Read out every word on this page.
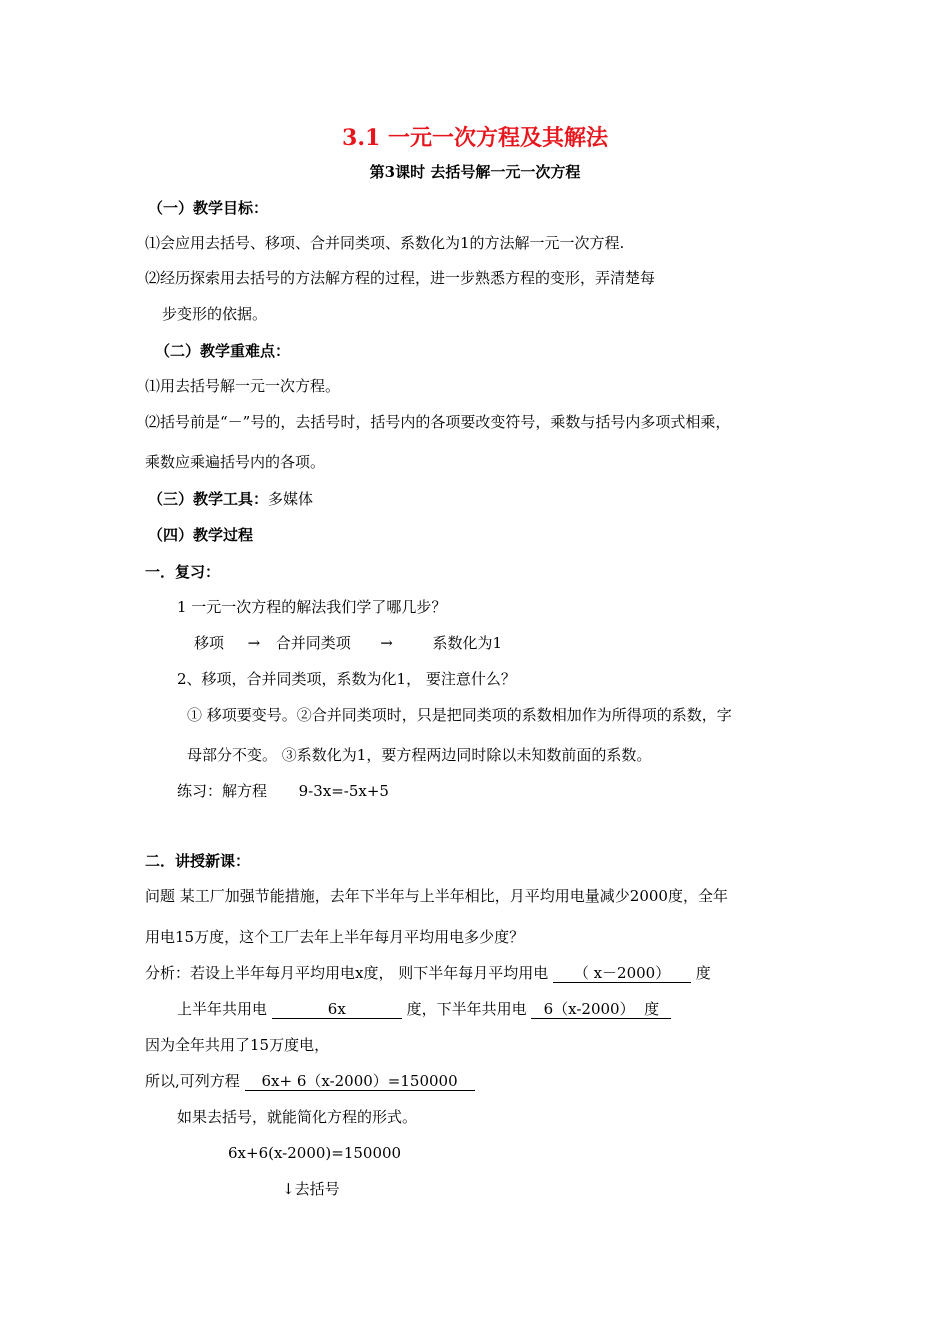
3.1 一元一次方程及其解法
第3课时 去括号解一元一次方程
（一）教学目标：
⑴会应用去括号、移项、合并同类项、系数化为1的方法解一元一次方程.
⑵经历探索用去括号的方法解方程的过程，进一步熟悉方程的变形，弄清楚每
步变形的依据。
（二）教学重难点：
⑴用去括号解一元一次方程。
⑵括号前是“－”号的，去括号时，括号内的各项要改变符号，乘数与括号内多项式相乘，
乘数应乘遍括号内的各项。
（三）教学工具：多媒体
（四）教学过程
一．复习：
1 一元一次方程的解法我们学了哪几步？
移项 → 合并同类项 →	系数化为1
2、移项，合并同类项，系数为化1， 要注意什么？
① 移项要变号。②合并同类项时，只是把同类项的系数相加作为所得项的系数，字
母部分不变。 ③系数化为1，要方程两边同时除以未知数前面的系数。
练习：解方程 9-3x=-5x+5
二．讲授新课：
问题 某工厂加强节能措施，去年下半年与上半年相比，月平均用电量减少2000度，全年
用电15万度，这个工厂去年上半年每月平均用电多少度？
分析：若设上半年每月平均用电x度， 则下半年每月平均用电 （ x－2000） 度
上半年共用电	6x	度，下半年共用电 6（x-2000） 度
因为全年共用了15万度电，
所以,可列方程 6x+ 6（x-2000）=150000
如果去括号，就能简化方程的形式。
6x+6(x-2000)=150000
↓去括号
